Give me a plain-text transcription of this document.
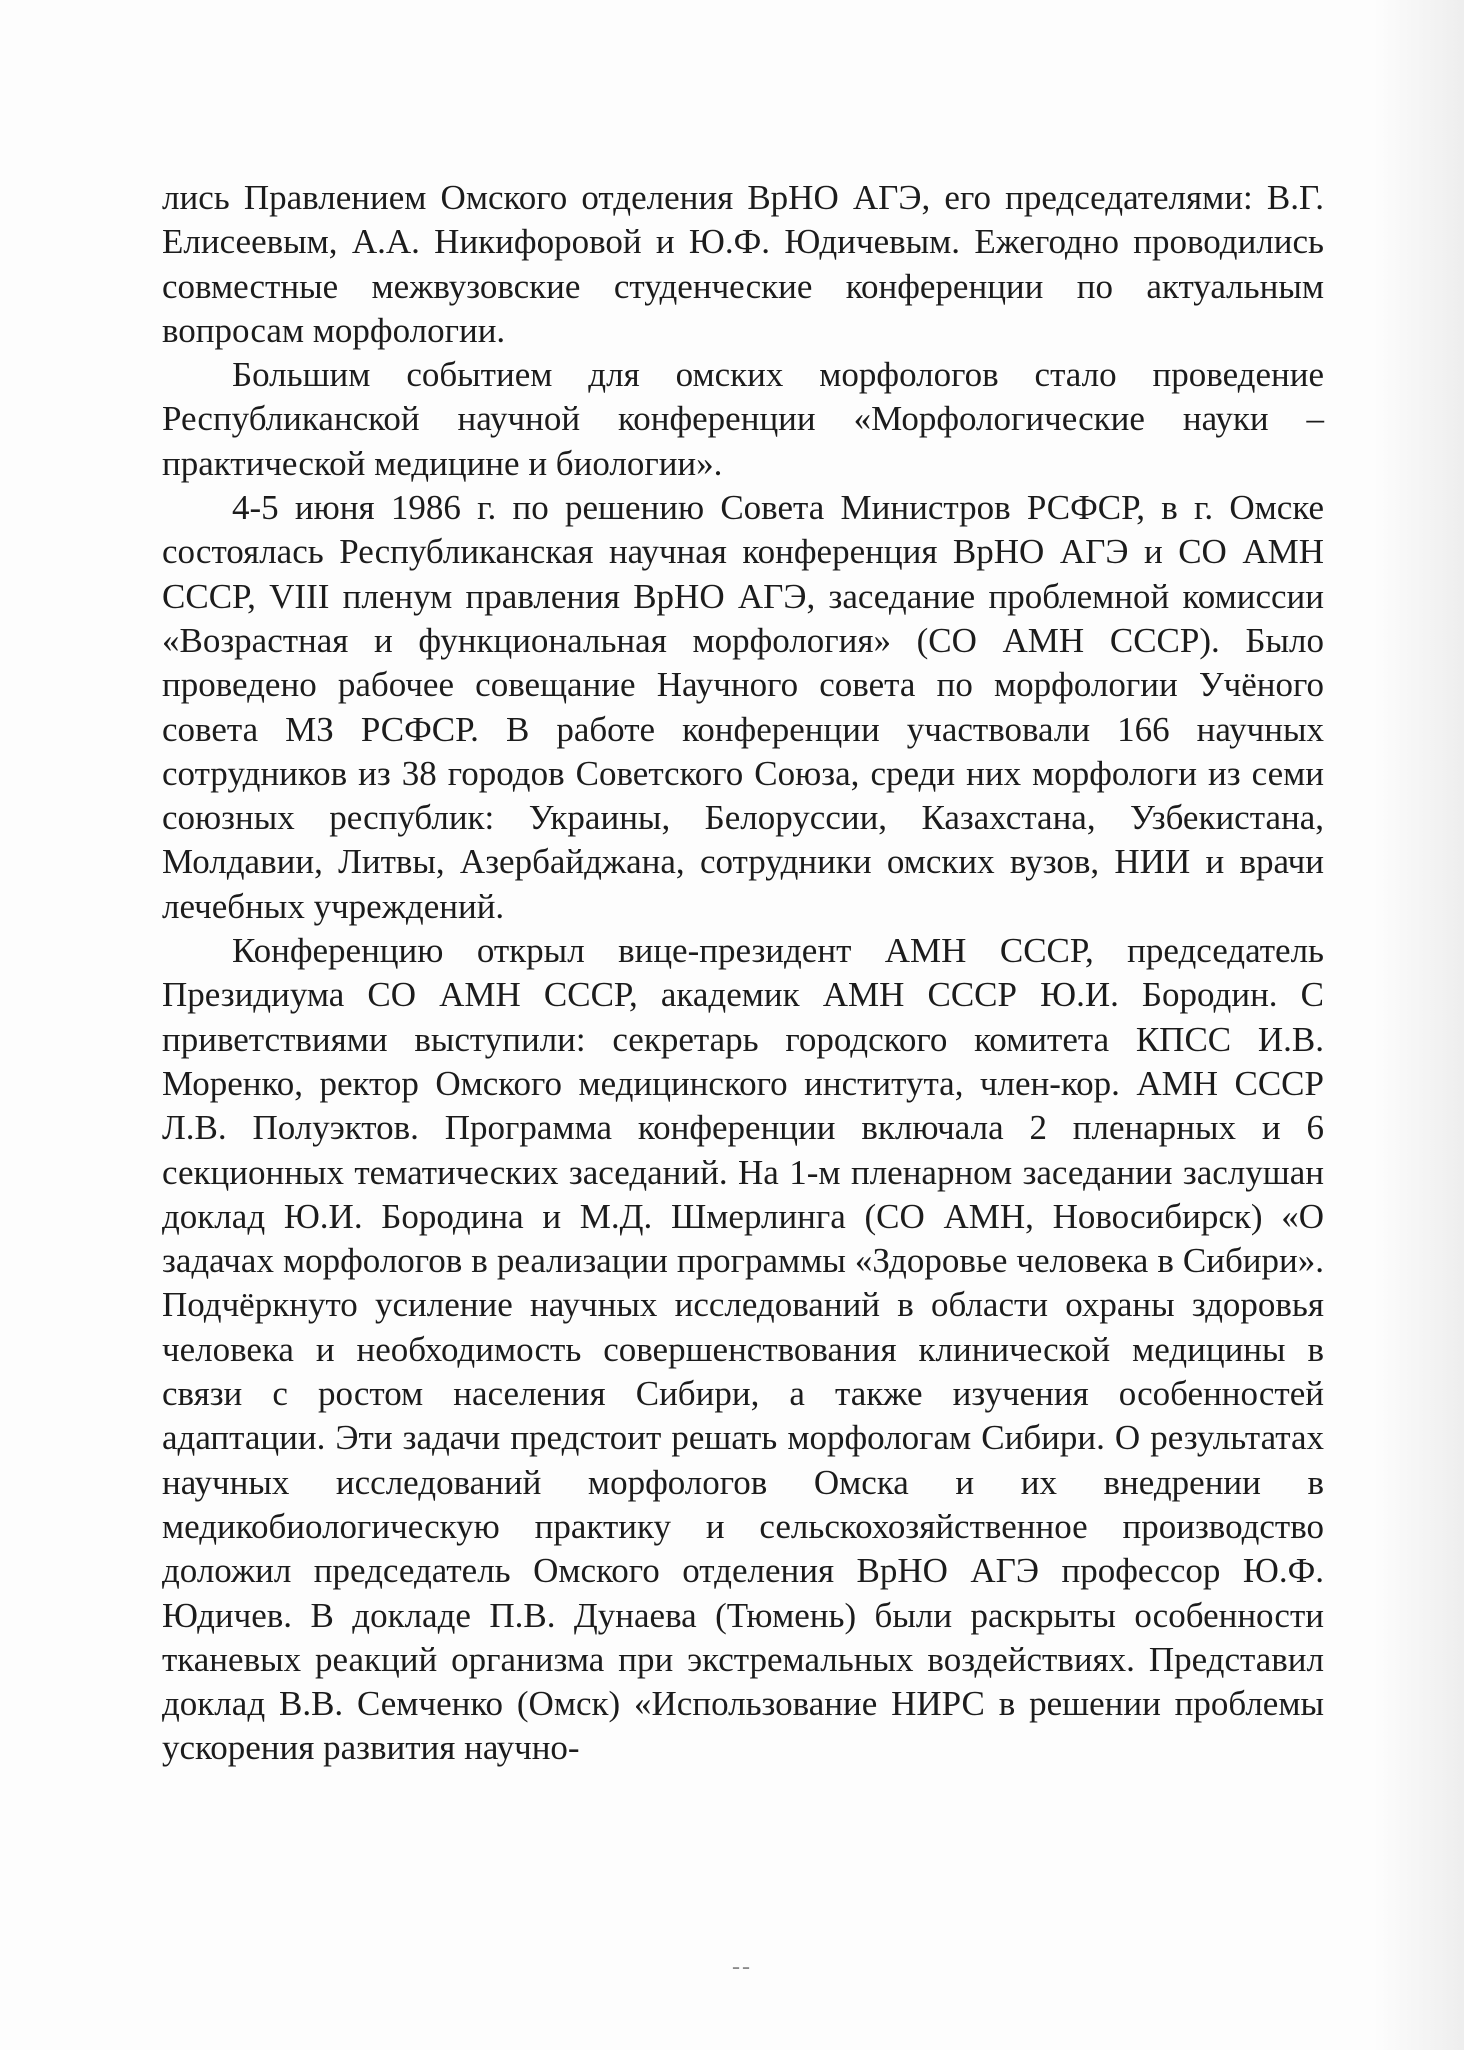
лись Правлением Омского отделения ВрНО АГЭ, его председателями: В.Г. Елисеевым, А.А. Никифоровой и Ю.Ф. Юдичевым. Ежегодно проводились совместные межвузовские студенческие конференции по актуальным вопросам морфологии.

Большим событием для омских морфологов стало проведение Республиканской научной конференции «Морфологические науки – практической медицине и биологии».

4-5 июня 1986 г. по решению Совета Министров РСФСР, в г. Омске состоялась Республиканская научная конференция ВрНО АГЭ и СО АМН СССР, VIII пленум правления ВрНО АГЭ, заседание проблемной комиссии «Возрастная и функциональная морфология» (СО АМН СССР). Было проведено рабочее совещание Научного совета по морфологии Учёного совета МЗ РСФСР. В работе конференции участвовали 166 научных сотрудников из 38 городов Советского Союза, среди них морфологи из семи союзных республик: Украины, Белоруссии, Казахстана, Узбекистана, Молдавии, Литвы, Азербайджана, сотрудники омских вузов, НИИ и врачи лечебных учреждений.

Конференцию открыл вице-президент АМН СССР, председатель Президиума СО АМН СССР, академик АМН СССР Ю.И. Бородин. С приветствиями выступили: секретарь городского комитета КПСС И.В. Моренко, ректор Омского медицинского института, член-кор. АМН СССР Л.В. Полуэктов. Программа конференции включала 2 пленарных и 6 секционных тематических заседаний. На 1-м пленарном заседании заслушан доклад Ю.И. Бородина и М.Д. Шмерлинга (СО АМН, Новосибирск) «О задачах морфологов в реализации программы «Здоровье человека в Сибири». Подчёркнуто усиление научных исследований в области охраны здоровья человека и необходимость совершенствования клинической медицины в связи с ростом населения Сибири, а также изучения особенностей адаптации. Эти задачи предстоит решать морфологам Сибири. О результатах научных исследований морфологов Омска и их внедрении в медикобиологическую практику и сельскохозяйственное производство доложил председатель Омского отделения ВрНО АГЭ профессор Ю.Ф. Юдичев. В докладе П.В. Дунаева (Тюмень) были раскрыты особенности тканевых реакций организма при экстремальных воздействиях. Представил доклад В.В. Семченко (Омск) «Использование НИРС в решении проблемы ускорения развития научно-

--
